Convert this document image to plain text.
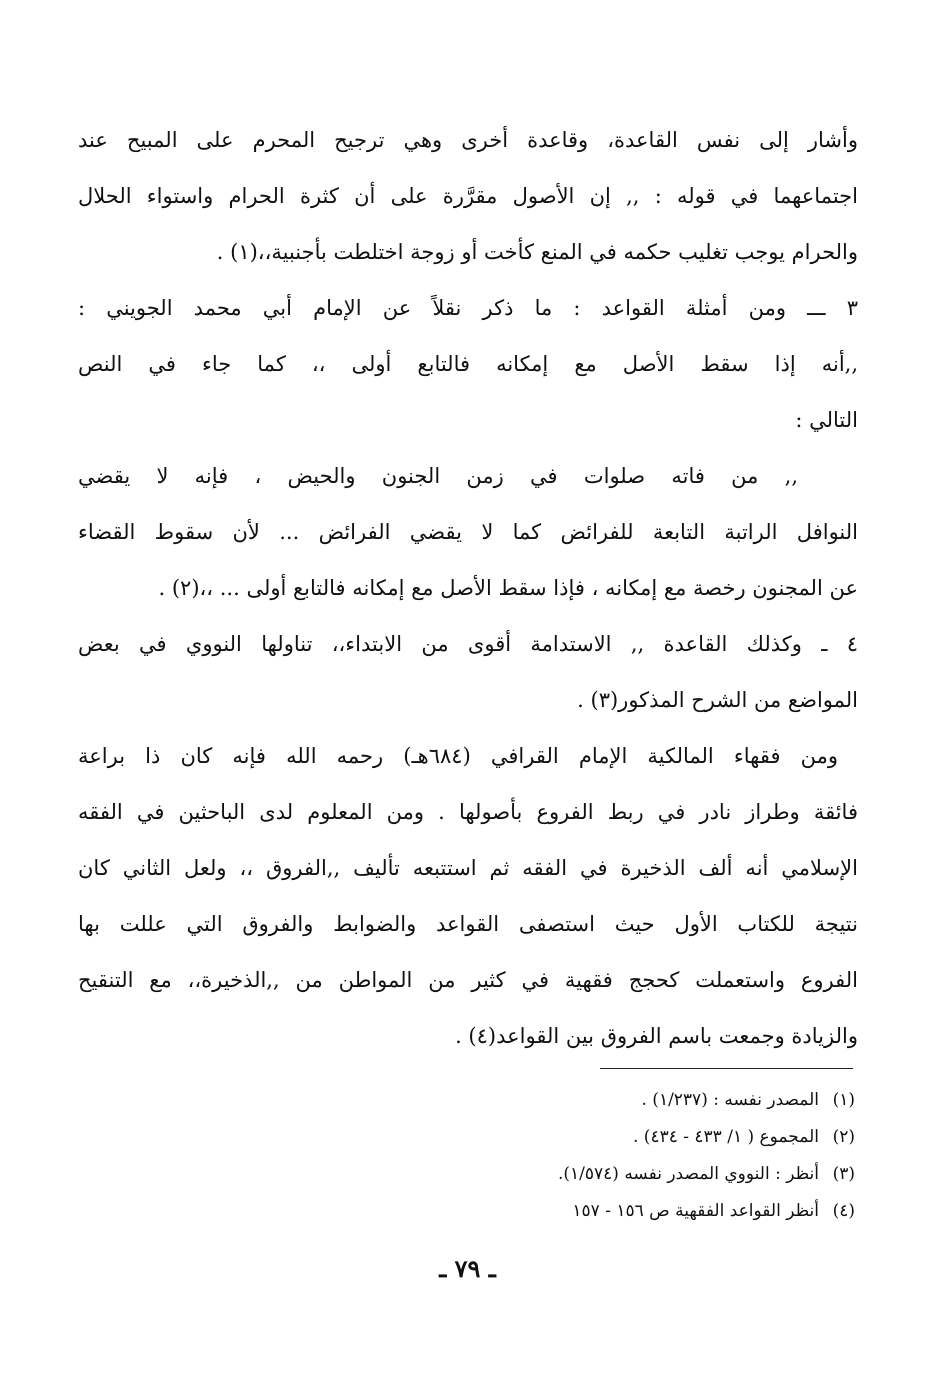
وأشار إلى نفس القاعدة، وقاعدة أخرى وهي ترجيح المحرم على المبيح عند
اجتماعهما في قوله : ,, إن الأصول مقرَّرة على أن كثرة الحرام واستواء الحلال
والحرام يوجب تغليب حكمه في المنع كأخت أو زوجة اختلطت بأجنبية،،(١) .
٣ ـــ ومن أمثلة القواعد : ما ذكر نقلاً عن الإمام أبي محمد الجويني :
,,أنه إذا سقط الأصل مع إمكانه فالتابع أولى ،، كما جاء في النص
التالي :
,, من فاته صلوات في زمن الجنون والحيض ، فإنه لا يقضي
النوافل الراتبة التابعة للفرائض كما لا يقضي الفرائض ... لأن سقوط القضاء
عن المجنون رخصة مع إمكانه ، فإذا سقط الأصل مع إمكانه فالتابع أولى ... ،،(٢) .
٤ ـ وكذلك القاعدة ,, الاستدامة أقوى من الابتداء،، تناولها النووي في بعض
المواضع من الشرح المذكور(٣) .
ومن فقهاء المالكية الإمام القرافي (٦٨٤هـ) رحمه الله فإنه كان ذا براعة
فائقة وطراز نادر في ربط الفروع بأصولها . ومن المعلوم لدى الباحثين في الفقه
الإسلامي أنه ألف الذخيرة في الفقه ثم استتبعه تأليف ,,الفروق ،، ولعل الثاني كان
نتيجة للكتاب الأول حيث استصفى القواعد والضوابط والفروق التي عللت بها
الفروع واستعملت كحجج فقهية في كثير من المواطن من ,,الذخيرة،، مع التنقيح
والزيادة وجمعت باسم الفروق بين القواعد(٤) .
(١)
المصدر نفسه : (١/٢٣٧) .
(٢)
المجموع ( ١/ ٤٣٣ - ٤٣٤) .
(٣)
أنظر : النووي المصدر نفسه (١/٥٧٤).
(٤)
أنظر القواعد الفقهية ص ١٥٦ - ١٥٧
ـ ٧٩ ـ
